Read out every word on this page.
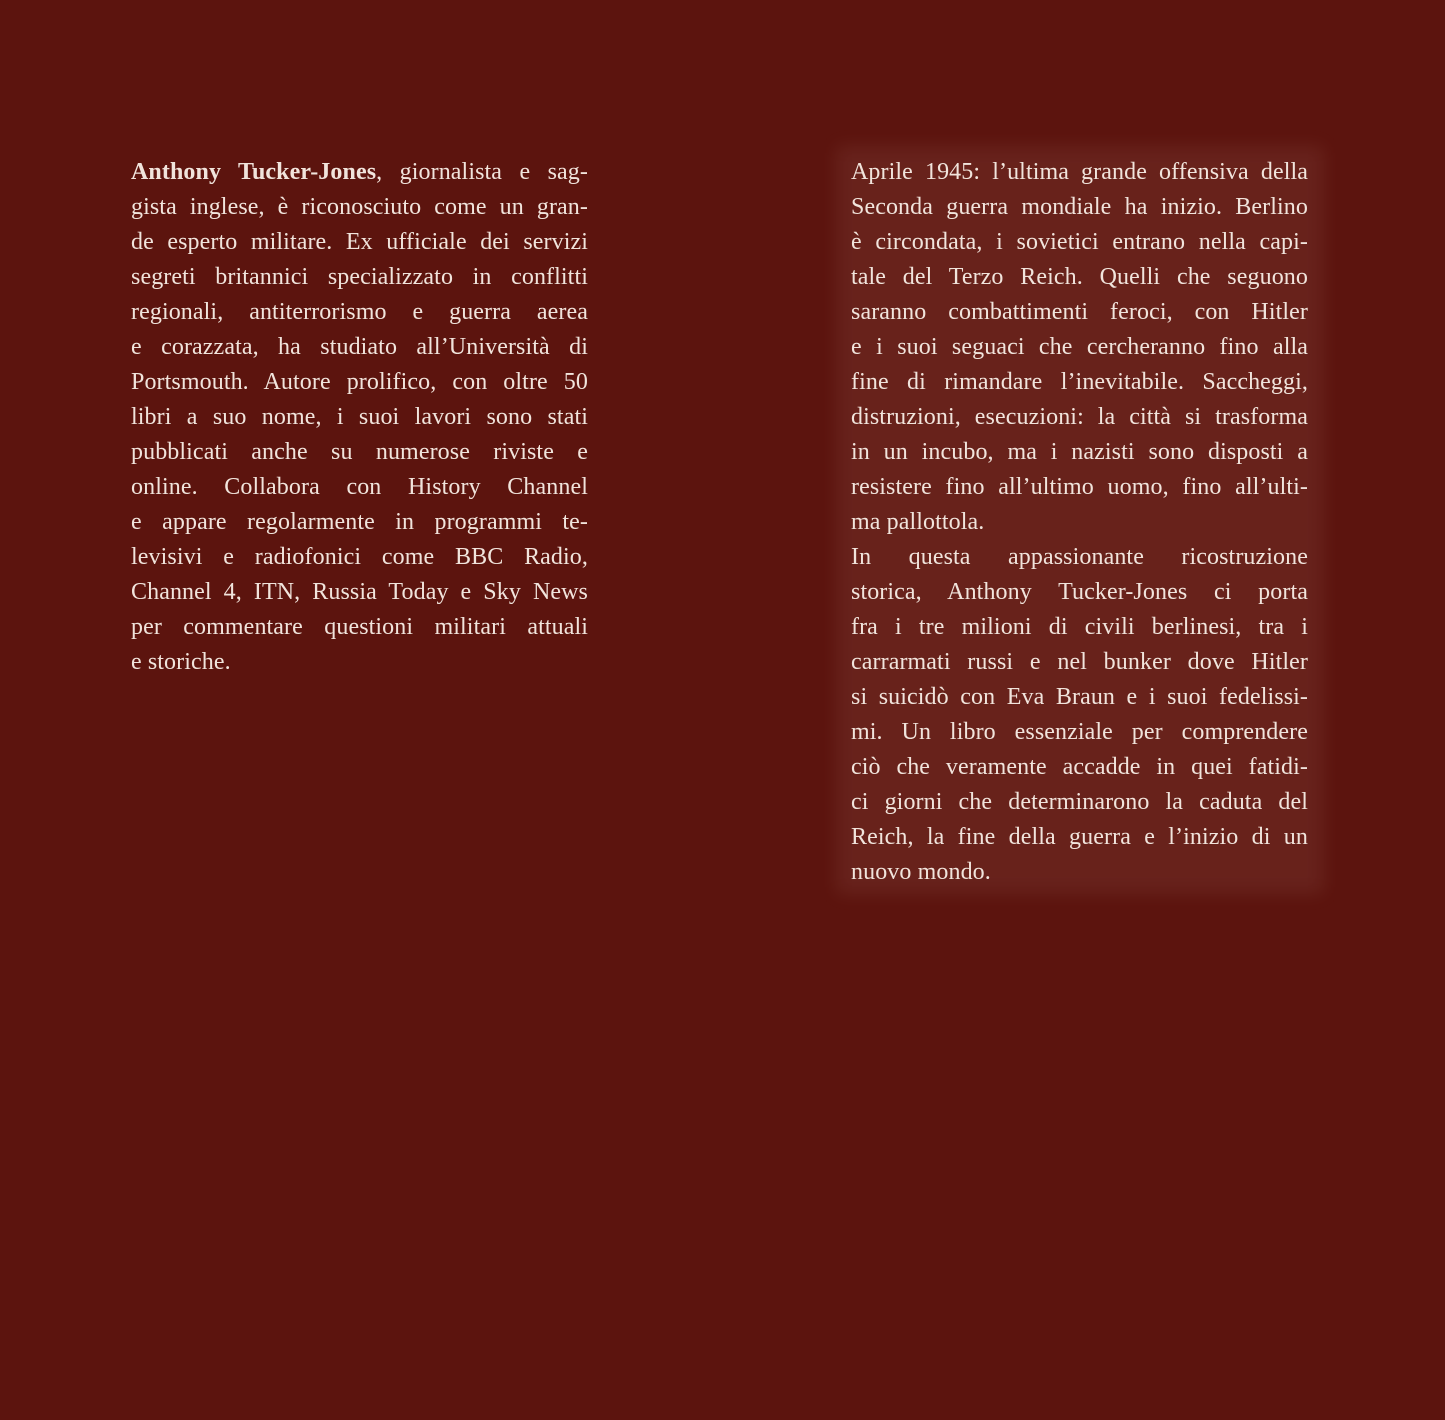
Anthony Tucker-Jones, giornalista e sag-
gista inglese, è riconosciuto come un gran-
de esperto militare. Ex ufficiale dei servizi
segreti britannici specializzato in conflitti
regionali, antiterrorismo e guerra aerea
e corazzata, ha studiato all’Università di
Portsmouth. Autore prolifico, con oltre 50
libri a suo nome, i suoi lavori sono stati
pubblicati anche su numerose riviste e
online. Collabora con History Channel
e appare regolarmente in programmi te-
levisivi e radiofonici come BBC Radio,
Channel 4, ITN, Russia Today e Sky News
per commentare questioni militari attuali
e storiche.
Aprile 1945: l’ultima grande offensiva della
Seconda guerra mondiale ha inizio. Berlino
è circondata, i sovietici entrano nella capi-
tale del Terzo Reich. Quelli che seguono
saranno combattimenti feroci, con Hitler
e i suoi seguaci che cercheranno fino alla
fine di rimandare l’inevitabile. Saccheggi,
distruzioni, esecuzioni: la città si trasforma
in un incubo, ma i nazisti sono disposti a
resistere fino all’ultimo uomo, fino all’ulti-
ma pallottola.
In questa appassionante ricostruzione
storica, Anthony Tucker-Jones ci porta
fra i tre milioni di civili berlinesi, tra i
carrarmati russi e nel bunker dove Hitler
si suicidò con Eva Braun e i suoi fedelissi-
mi. Un libro essenziale per comprendere
ciò che veramente accadde in quei fatidi-
ci giorni che determinarono la caduta del
Reich, la fine della guerra e l’inizio di un
nuovo mondo.
